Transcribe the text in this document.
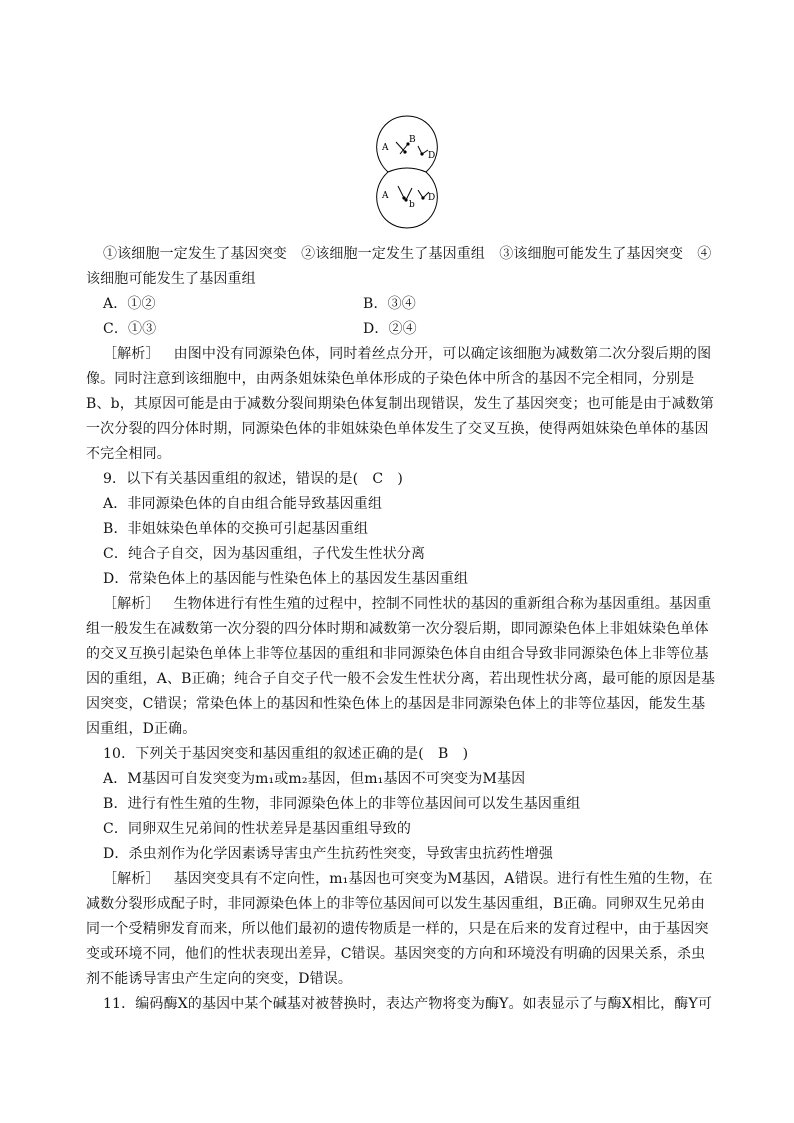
A
B
D
A
b
D

①该细胞一定发生了基因突变　②该细胞一定发生了基因重组　③该细胞可能发生了基因突变　④该细胞可能发生了基因重组

A．①②	B．③④
C．①③	D．②④

［解析］ 由图中没有同源染色体，同时着丝点分开，可以确定该细胞为减数第二次分裂后期的图像。同时注意到该细胞中，由两条姐妹染色单体形成的子染色体中所含的基因不完全相同，分别是B、b，其原因可能是由于减数分裂间期染色体复制出现错误，发生了基因突变；也可能是由于减数第一次分裂的四分体时期，同源染色体的非姐妹染色单体发生了交叉互换，使得两姐妹染色单体的基因不完全相同。

9．以下有关基因重组的叙述，错误的是(　C　)

A．非同源染色体的自由组合能导致基因重组

B．非姐妹染色单体的交换可引起基因重组

C．纯合子自交，因为基因重组，子代发生性状分离

D．常染色体上的基因能与性染色体上的基因发生基因重组

［解析］ 生物体进行有性生殖的过程中，控制不同性状的基因的重新组合称为基因重组。基因重组一般发生在减数第一次分裂的四分体时期和减数第一次分裂后期，即同源染色体上非姐妹染色单体的交叉互换引起染色单体上非等位基因的重组和非同源染色体自由组合导致非同源染色体上非等位基因的重组，A、B正确；纯合子自交子代一般不会发生性状分离，若出现性状分离，最可能的原因是基因突变，C错误；常染色体上的基因和性染色体上的基因是非同源染色体上的非等位基因，能发生基因重组，D正确。

10．下列关于基因突变和基因重组的叙述正确的是(　B　)

A．M基因可自发突变为m₁或m₂基因，但m₁基因不可突变为M基因

B．进行有性生殖的生物，非同源染色体上的非等位基因间可以发生基因重组

C．同卵双生兄弟间的性状差异是基因重组导致的

D．杀虫剂作为化学因素诱导害虫产生抗药性突变，导致害虫抗药性增强

［解析］ 基因突变具有不定向性，m₁基因也可突变为M基因，A错误。进行有性生殖的生物，在减数分裂形成配子时，非同源染色体上的非等位基因间可以发生基因重组，B正确。同卵双生兄弟由同一个受精卵发育而来，所以他们最初的遗传物质是一样的，只是在后来的发育过程中，由于基因突变或环境不同，他们的性状表现出差异，C错误。基因突变的方向和环境没有明确的因果关系，杀虫剂不能诱导害虫产生定向的突变，D错误。

11．编码酶X的基因中某个碱基对被替换时，表达产物将变为酶Y。如表显示了与酶X相比，酶Y可
